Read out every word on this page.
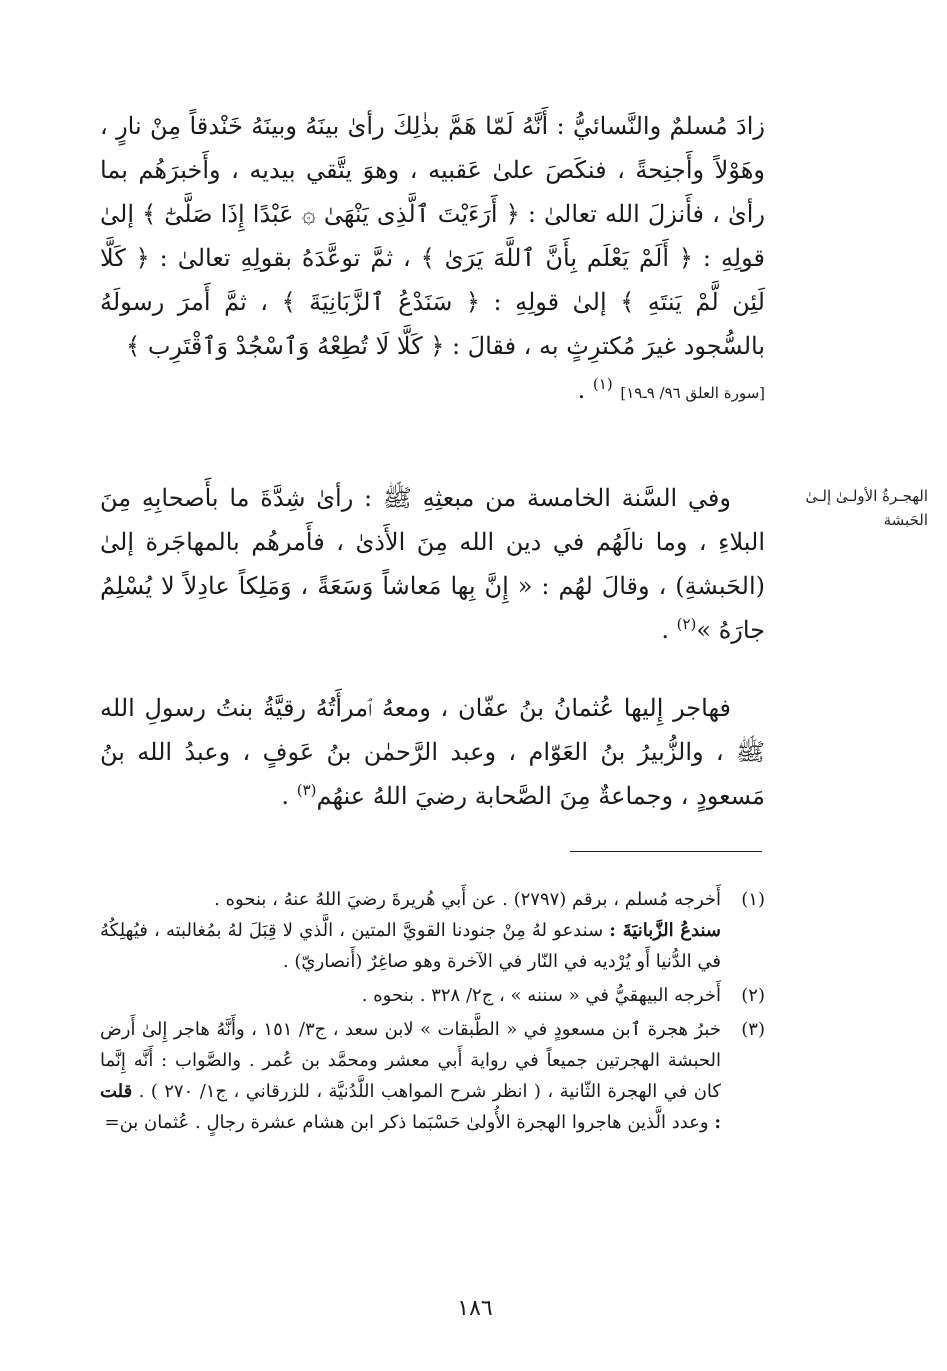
زادَ مُسلمٌ والنَّسائيُّ : أَنَّهُ لَمّا هَمَّ بذٰلِكَ رأىٰ بينَهُ وبينَهُ خَنْدقاً مِنْ نارٍ ، وهَوْلاً وأَجنِحةً ، فنكَصَ علىٰ عَقبيه ، وهوَ يتَّقي بيديه ، وأَخبرَهُم بما رأىٰ ، فأَنزلَ الله تعالىٰ : ﴿ أَرَءَيْتَ ٱلَّذِى يَنْهَىٰ ۞ عَبْدًا إِذَا صَلَّىٰٓ ﴾ إلىٰ قولِهِ : ﴿ أَلَمْ يَعْلَم بِأَنَّ ٱللَّهَ يَرَىٰ ﴾ ، ثمَّ توعَّدَهُ بقولِهِ تعالىٰ : ﴿ كَلَّا لَئِن لَّمْ يَنتَهِ ﴾ إلىٰ قولِهِ : ﴿ سَنَدْعُ ٱلزَّبَانِيَةَ ﴾ ، ثمَّ أَمرَ رسولَهُ بالسُّجود غيرَ مُكترِثٍ به ، فقالَ : ﴿ كَلَّا لَا تُطِعْهُ وَٱسْجُدْ وَٱقْتَرِب ﴾
[سورة العلق ٩٦/ ٩ـ١٩] $^{(١)}$ .

الهجـرةُ الأولـىٰ إلـىٰ الحَبشة

وفي السَّنة الخامسة من مبعثِهِ ﷺ : رأىٰ شِدَّةَ ما بأَصحابِهِ مِنَ البلاءِ ، وما نالَهُم في دين الله مِنَ الأَذىٰ ، فأَمرهُم بالمهاجَرة إلىٰ (الحَبشةِ) ، وقالَ لهُم : « إِنَّ بِها مَعاشاً وَسَعَةً ، وَمَلِكاً عادِلاً لا يُسْلِمُ جارَهُ »$^{(٢)}$ .

فهاجر إِليها عُثمانُ بنُ عفّان ، ومعهُ ٱمرأَتُهُ رقيَّةُ بنتُ رسولِ الله ﷺ ، والزُّبيرُ بنُ العَوّام ، وعبد الرَّحمٰن بنُ عَوفٍ ، وعبدُ الله بنُ مَسعودٍ ، وجماعةٌ مِنَ الصَّحابة رضيَ اللهُ عنهُم$^{(٣)}$ .

(١)
أَخرجه مُسلم ، برقم (٢٧٩٧) . عن أَبي هُريرةَ رضيَ اللهُ عنهُ ، بنحوه .
سندعُ الزَّبانيَةَ : سندعو لهُ مِنْ جنودنا القويَّ المتين ، الَّذي لا قِبَلَ لهُ بمُغالبته ، فيُهلِكُهُ في الدُّنيا أَو يُرْديه في النّار في الآخرة وهو صاغِرٌ (أَنصاريّ) .
(٢)
أَخرجه البيهقيُّ في « سننه » ، ج٢/ ٣٢٨ . بنحوه .
(٣)
خبرُ هجرة ٱبن مسعودٍ في « الطَّبقات » لابن سعد ، ج٣/ ١٥١ ، وأَنَّهُ هاجر إِلىٰ أَرض الحبشة الهجرتين جميعاً في رواية أَبي معشر ومحمَّد بن عُمر . والصَّواب : أَنَّه إِنَّما كان في الهجرة الثّانية ، ( انظر شرح المواهب اللَّدُنيَّة ، للزرقاني ، ج١/ ٢٧٠ ) . قلت : وعدد الَّذين هاجروا الهجرة الأُولىٰ حَسْبَما ذكر ابن هشام عشرة رجالٍ . عُثمان بن=
١٨٦
